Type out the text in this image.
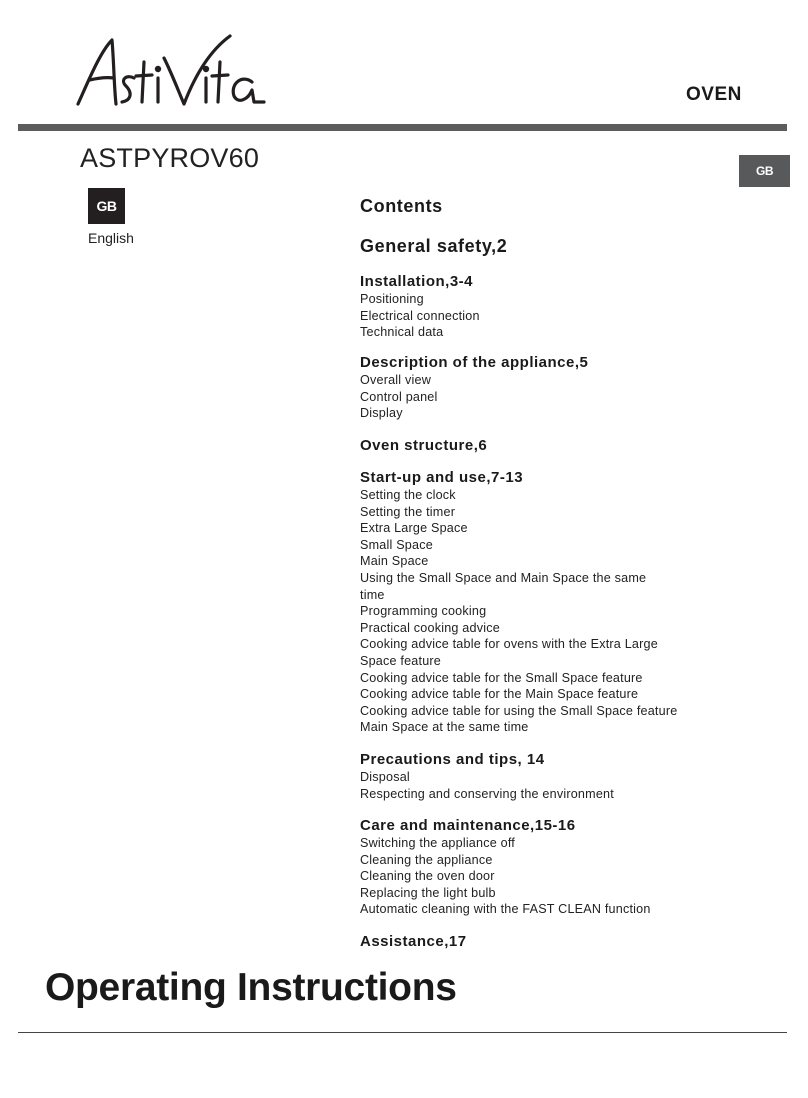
OVEN
ASTPYROV60	GB
GB
English
Contents
General safety,2
Installation,3-4
Positioning
Electrical connection
Technical data
Description of the appliance,5
Overall view
Control panel
Display
Oven structure,6
Start-up and use,7-13
Setting the clock
Setting the timer
Extra Large Space
Small Space
Main Space
Using the Small Space and Main Space the same
time
Programming cooking
Practical cooking advice
Cooking advice table for ovens with the Extra Large
Space feature
Cooking advice table for the Small Space feature
Cooking advice table for the Main Space feature
Cooking advice table for using the Small Space feature
Main Space at the same time
Precautions and tips, 14
Disposal
Respecting and conserving the environment
Care and maintenance,15-16
Switching the appliance off
Cleaning the appliance
Cleaning the oven door
Replacing the light bulb
Automatic cleaning with the FAST CLEAN function
Assistance,17
Operating Instructions
